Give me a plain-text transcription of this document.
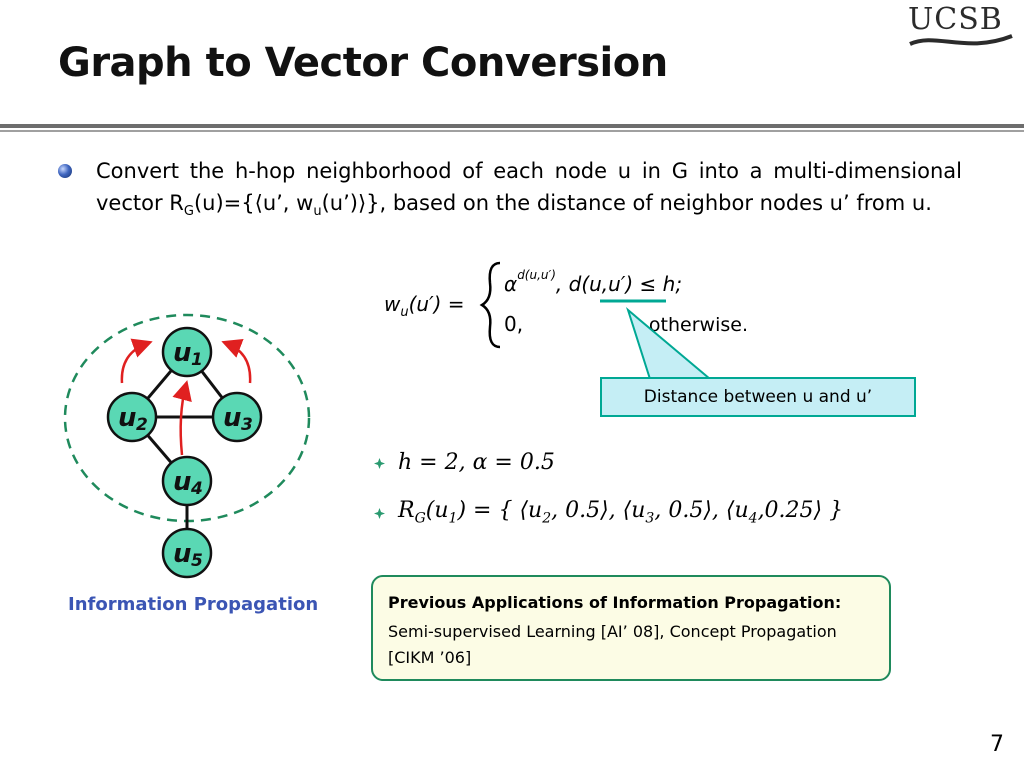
Graph to Vector Conversion
UCSB
Convert the h-hop neighborhood of each node u in G into a multi-dimensional vector $R_G(u)=\{⟨u$’, $w_u(u’)⟩$}, based on the distance of neighbor nodes u’ from u.
$w_u(u')$ =
$\alpha^{d(u,u')}$, d(u,u′) ≤ h;
0,	otherwise.
Distance between u and u’
u 1
u 2	u 3
u 4
u 5
Information Propagation
h = 2, α = 0.5
$R_G(u_1)$ = { $⟨u_2$, 0.5⟩, $⟨u_3$, 0.5⟩, $⟨u_4,0.25⟩$ }
Previous Applications of Information Propagation:
Semi-supervised Learning [AI’ 08], Concept Propagation [CIKM ’06]
7
